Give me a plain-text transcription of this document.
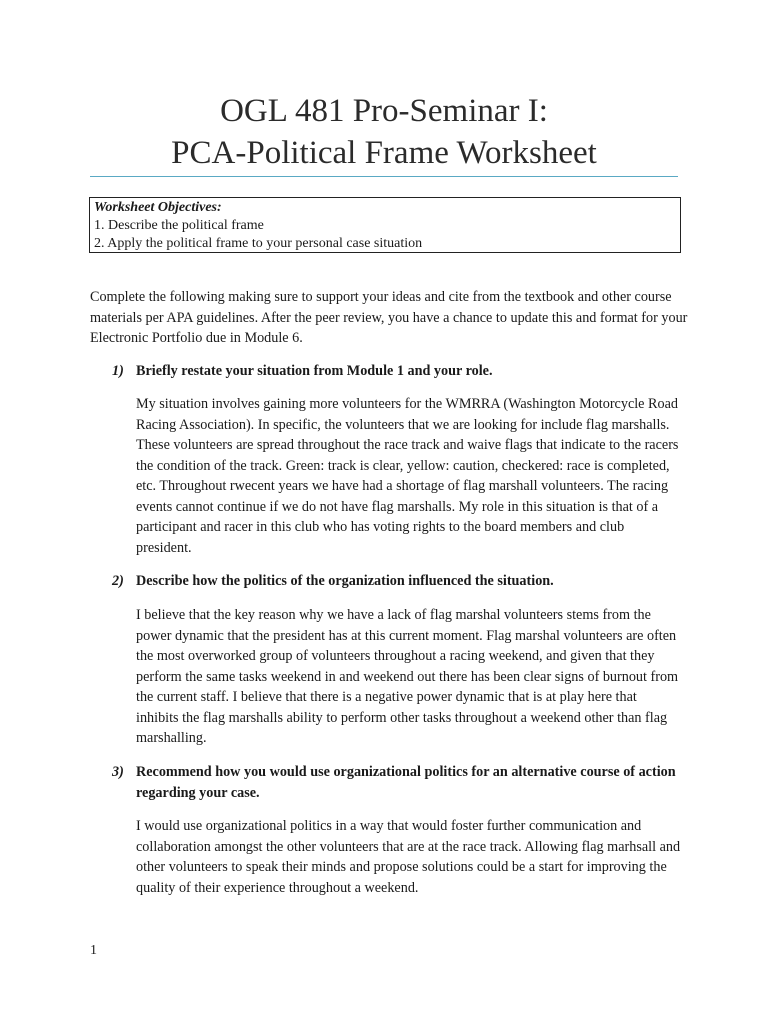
OGL 481 Pro-Seminar I:
PCA-Political Frame Worksheet
Worksheet Objectives:
1. Describe the political frame
2. Apply the political frame to your personal case situation
Complete the following making sure to support your ideas and cite from the textbook and other course materials per APA guidelines. After the peer review, you have a chance to update this and format for your Electronic Portfolio due in Module 6.
1) Briefly restate your situation from Module 1 and your role.
My situation involves gaining more volunteers for the WMRRA (Washington Motorcycle Road Racing Association). In specific, the volunteers that we are looking for include flag marshalls. These volunteers are spread throughout the race track and waive flags that indicate to the racers the condition of the track. Green: track is clear, yellow: caution, checkered: race is completed, etc. Throughout rwecent years we have had a shortage of flag marshall volunteers. The racing events cannot continue if we do not have flag marshalls. My role in this situation is that of a participant and racer in this club who has voting rights to the board members and club president.
2) Describe how the politics of the organization influenced the situation.
I believe that the key reason why we have a lack of flag marshal volunteers stems from the power dynamic that the president has at this current moment. Flag marshal volunteers are often the most overworked group of volunteers throughout a racing weekend, and given that they perform the same tasks weekend in and weekend out there has been clear signs of burnout from the current staff. I believe that there is a negative power dynamic that is at play here that inhibits the flag marshalls ability to perform other tasks throughout a weekend other than flag marshalling.
3) Recommend how you would use organizational politics for an alternative course of action regarding your case.
I would use organizational politics in a way that would foster further communication and collaboration amongst the other volunteers that are at the race track. Allowing flag marhsall and other volunteers to speak their minds and propose solutions could be a start for improving the quality of their experience throughout a weekend.
1
